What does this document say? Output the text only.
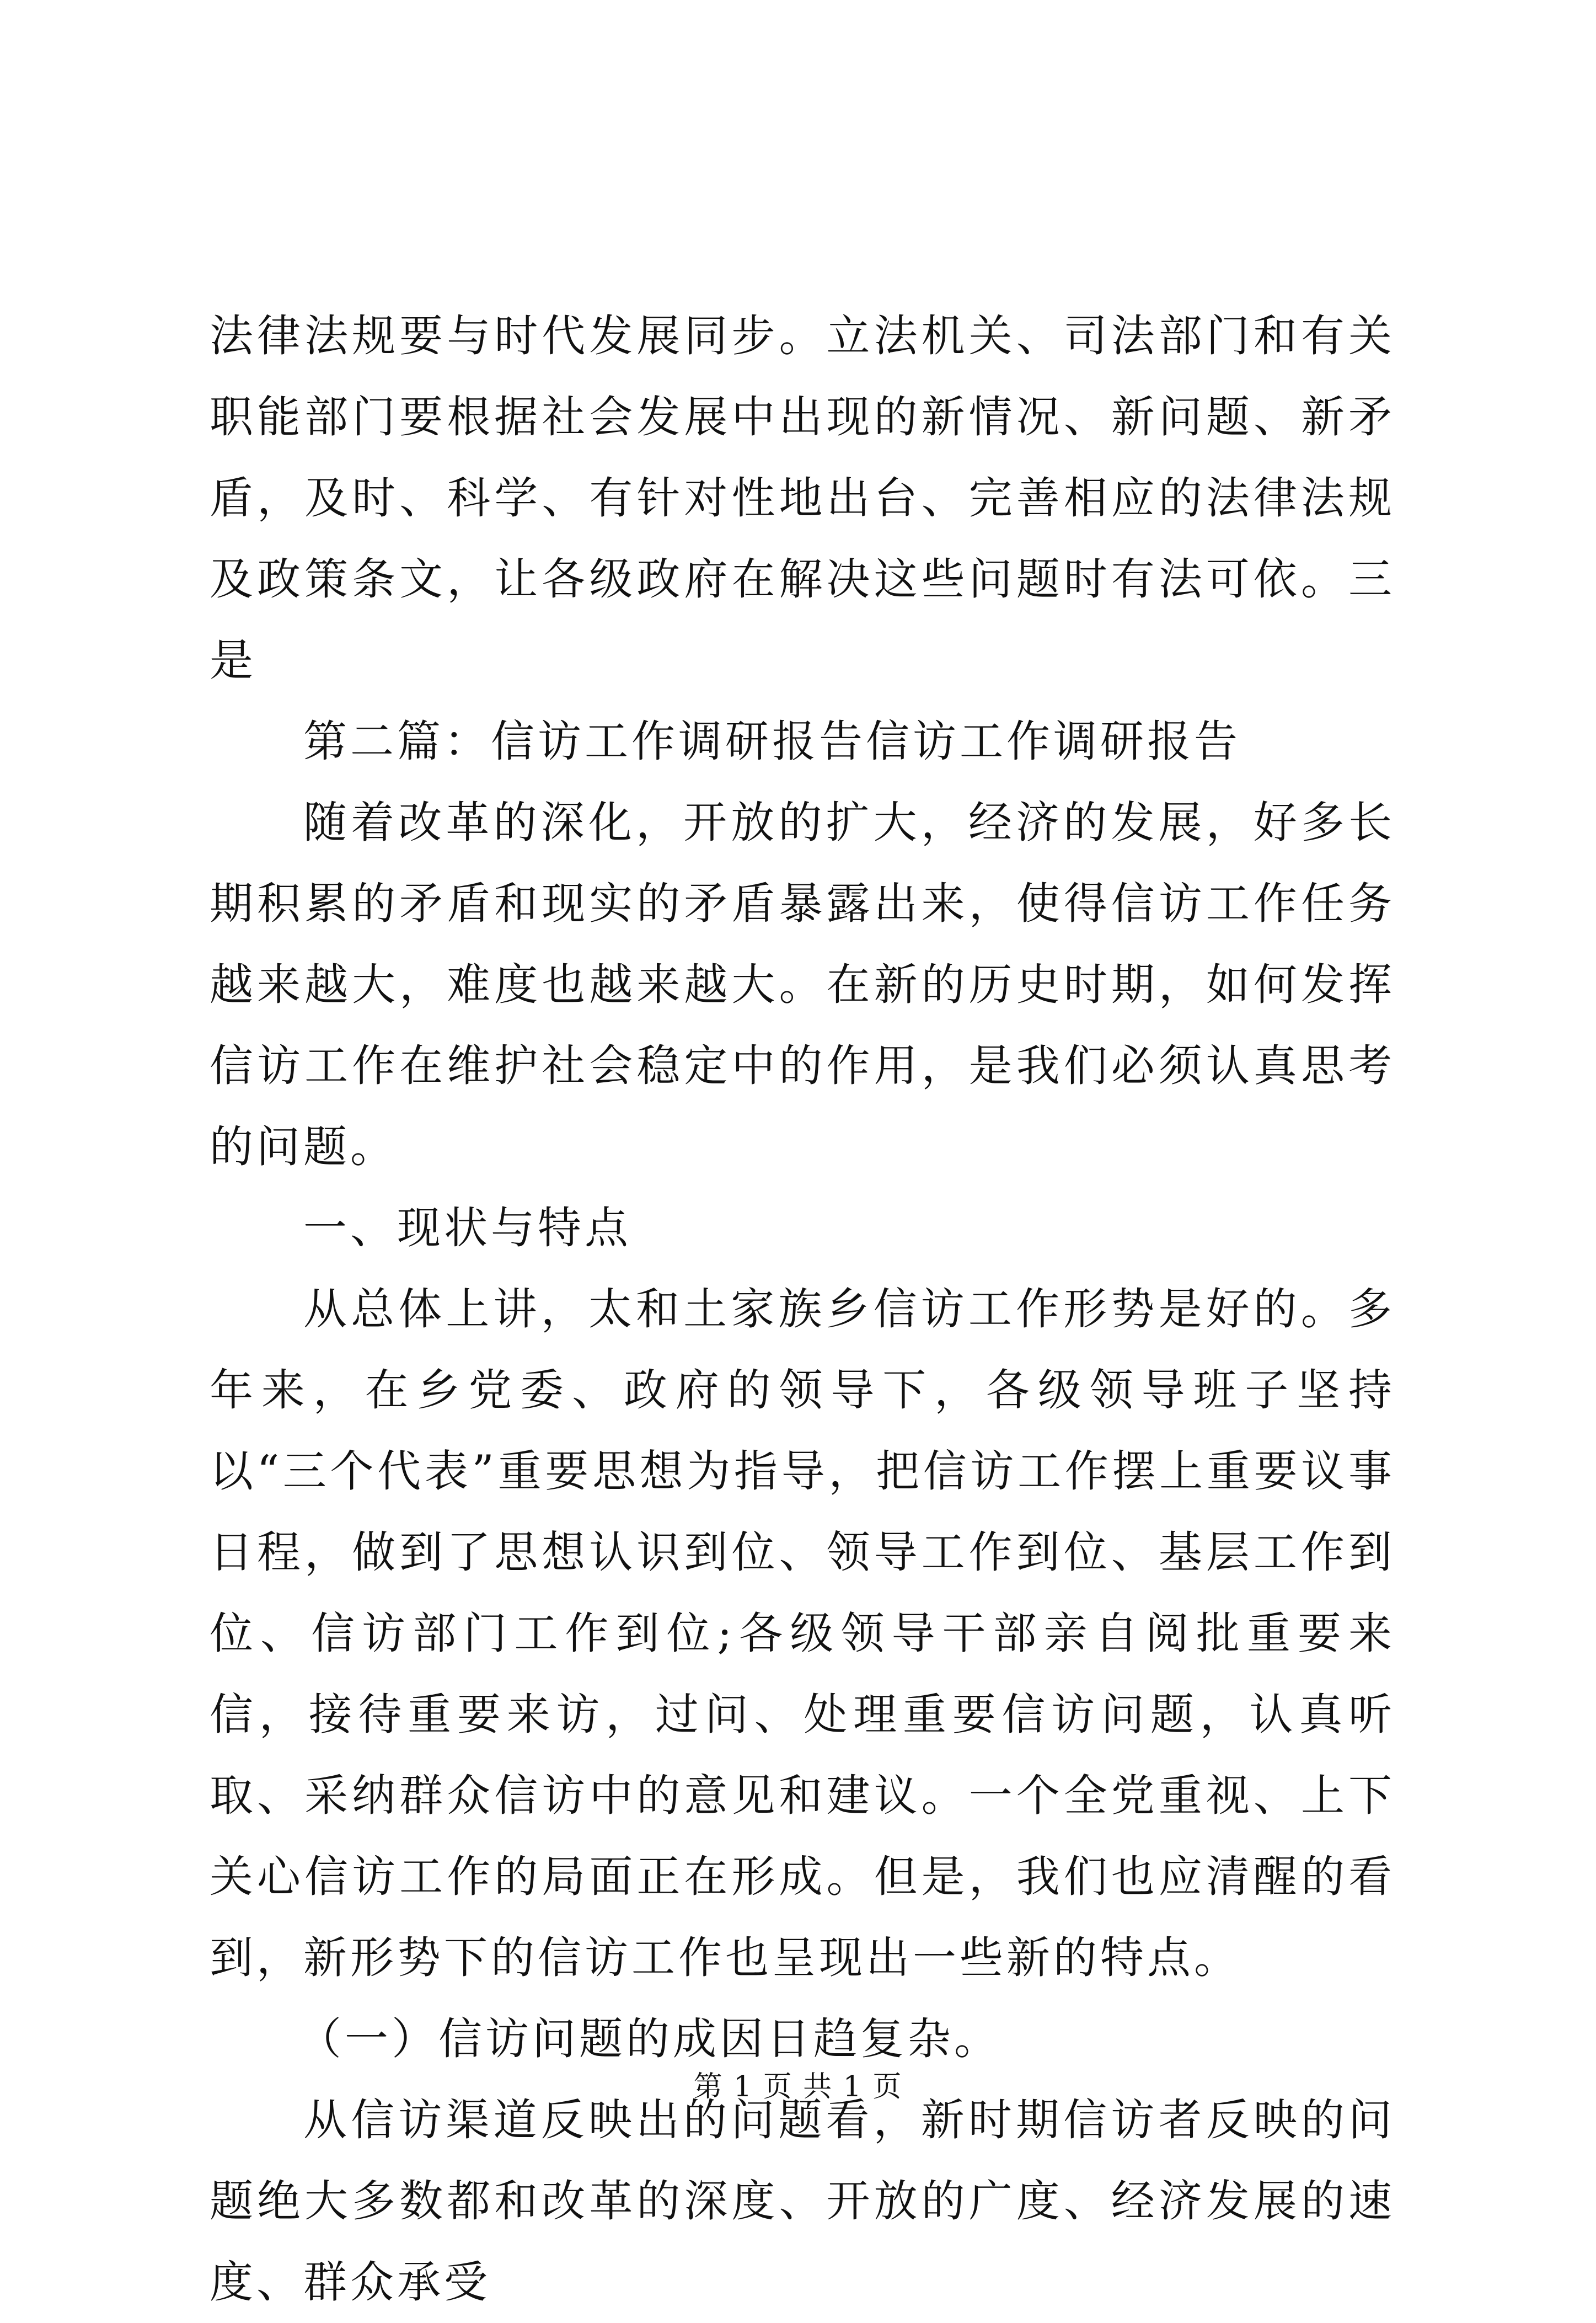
法律法规要与时代发展同步。立法机关、司法部门和有关职能部门要根据社会发展中出现的新情况、新问题、新矛盾，及时、科学、有针对性地出台、完善相应的法律法规及政策条文，让各级政府在解决这些问题时有法可依。三是

第二篇：信访工作调研报告信访工作调研报告

随着改革的深化，开放的扩大，经济的发展，好多长期积累的矛盾和现实的矛盾暴露出来，使得信访工作任务越来越大，难度也越来越大。在新的历史时期，如何发挥信访工作在维护社会稳定中的作用，是我们必须认真思考的问题。

一、现状与特点

从总体上讲，太和土家族乡信访工作形势是好的。多年来，在乡党委、政府的领导下，各级领导班子坚持以“三个代表”重要思想为指导，把信访工作摆上重要议事日程，做到了思想认识到位、领导工作到位、基层工作到位、信访部门工作到位;各级领导干部亲自阅批重要来信，接待重要来访，过问、处理重要信访问题，认真听取、采纳群众信访中的意见和建议。一个全党重视、上下关心信访工作的局面正在形成。但是，我们也应清醒的看到，新形势下的信访工作也呈现出一些新的特点。

（一）信访问题的成因日趋复杂。

从信访渠道反映出的问题看，新时期信访者反映的问题绝大多数都和改革的深度、开放的广度、经济发展的速度、群众承受

第 1 页 共 1 页
